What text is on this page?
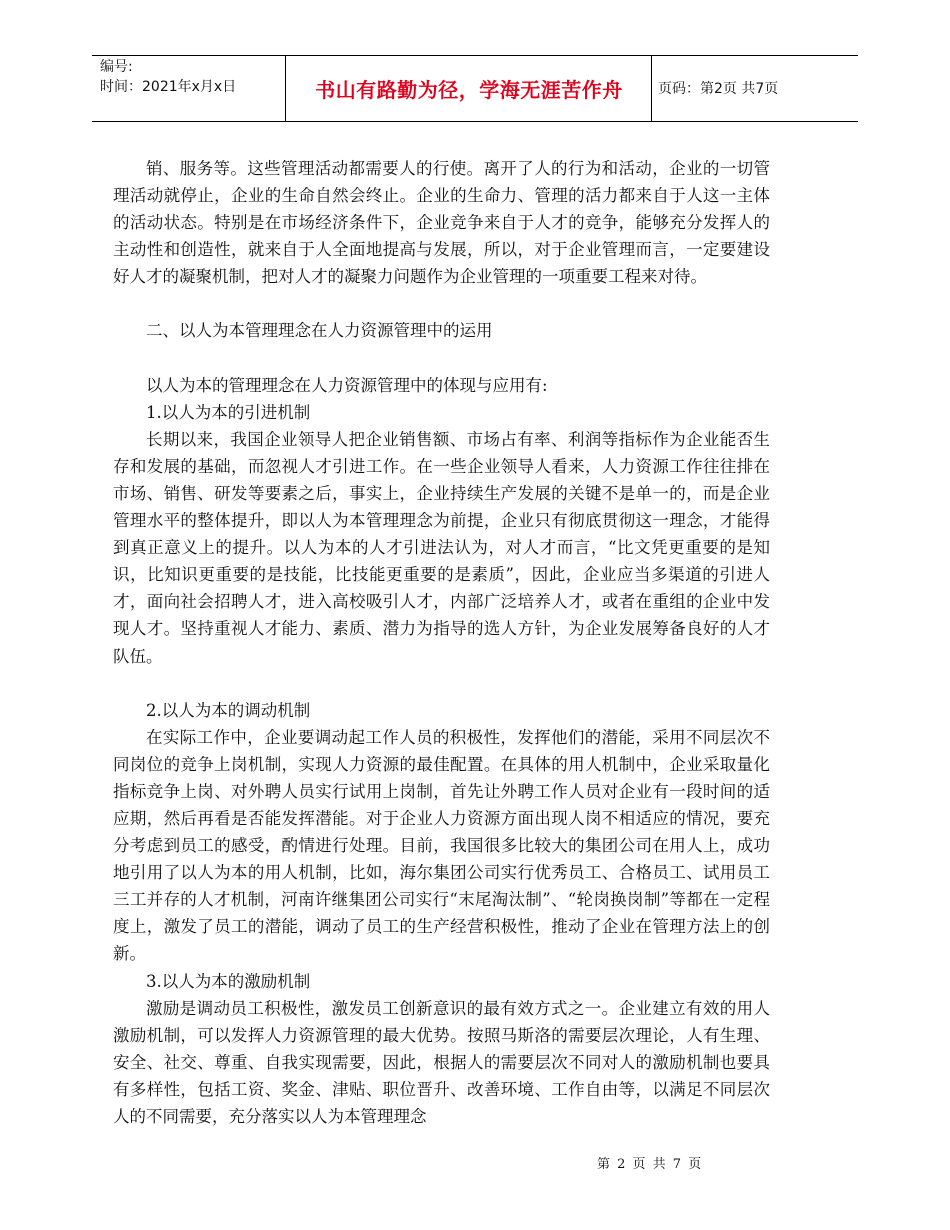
编号:
时间：2021年x月x日	书山有路勤为径，学海无涯苦作舟	页码：第2页 共7页

销、服务等。这些管理活动都需要人的行使。离开了人的行为和活动，企业的一切管理活动就停止，企业的生命自然会终止。企业的生命力、管理的活力都来自于人这一主体的活动状态。特别是在市场经济条件下，企业竞争来自于人才的竞争，能够充分发挥人的主动性和创造性，就来自于人全面地提高与发展，所以，对于企业管理而言，一定要建设好人才的凝聚机制，把对人才的凝聚力问题作为企业管理的一项重要工程来对待。

二、以人为本管理理念在人力资源管理中的运用

以人为本的管理理念在人力资源管理中的体现与应用有:

1.以人为本的引进机制

长期以来，我国企业领导人把企业销售额、市场占有率、利润等指标作为企业能否生存和发展的基础，而忽视人才引进工作。在一些企业领导人看来，人力资源工作往往排在市场、销售、研发等要素之后，事实上，企业持续生产发展的关键不是单一的，而是企业管理水平的整体提升，即以人为本管理理念为前提，企业只有彻底贯彻这一理念，才能得到真正意义上的提升。以人为本的人才引进法认为，对人才而言，“比文凭更重要的是知识，比知识更重要的是技能，比技能更重要的是素质”，因此，企业应当多渠道的引进人才，面向社会招聘人才，进入高校吸引人才，内部广泛培养人才，或者在重组的企业中发现人才。坚持重视人才能力、素质、潜力为指导的选人方针，为企业发展筹备良好的人才队伍。

2.以人为本的调动机制

在实际工作中，企业要调动起工作人员的积极性，发挥他们的潜能，采用不同层次不同岗位的竞争上岗机制，实现人力资源的最佳配置。在具体的用人机制中，企业采取量化指标竞争上岗、对外聘人员实行试用上岗制，首先让外聘工作人员对企业有一段时间的适应期，然后再看是否能发挥潜能。对于企业人力资源方面出现人岗不相适应的情况，要充分考虑到员工的感受，酌情进行处理。目前，我国很多比较大的集团公司在用人上，成功地引用了以人为本的用人机制，比如，海尔集团公司实行优秀员工、合格员工、试用员工三工并存的人才机制，河南许继集团公司实行“末尾淘汰制”、“轮岗换岗制”等都在一定程度上，激发了员工的潜能，调动了员工的生产经营积极性，推动了企业在管理方法上的创新。

3.以人为本的激励机制

激励是调动员工积极性，激发员工创新意识的最有效方式之一。企业建立有效的用人激励机制，可以发挥人力资源管理的最大优势。按照马斯洛的需要层次理论，人有生理、安全、社交、尊重、自我实现需要，因此，根据人的需要层次不同对人的激励机制也要具有多样性，包括工资、奖金、津贴、职位晋升、改善环境、工作自由等，以满足不同层次人的不同需要，充分落实以人为本管理理念

第 2 页 共 7 页
